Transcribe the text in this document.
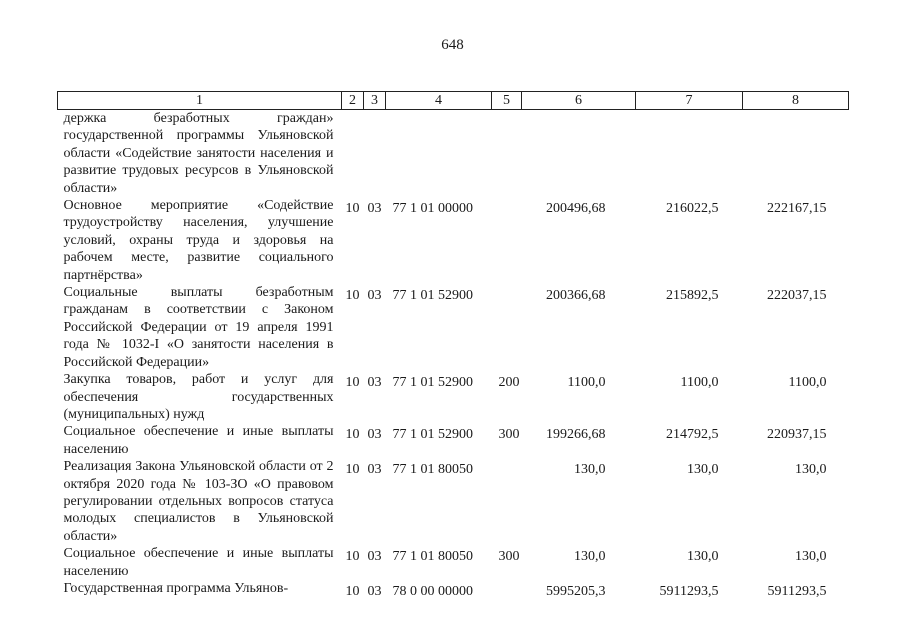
648
1	2	3	4	5	6	7	8
держка безработных граждан» государственной программы Ульяновской области «Содействие занятости населения и развитие трудовых ресурсов в Ульяновской области»							
Основное мероприятие «Содействие трудоустройству населения, улучшение условий, охраны труда и здоровья на рабочем месте, развитие социального партнёрства»	10	03	77 1 01 00000		200496,68	216022,5	222167,15
Социальные выплаты безработным гражданам в соответствии с Законом Российской Федерации от 19 апреля 1991 года № 1032-I «О занятости населения в Российской Федерации»	10	03	77 1 01 52900		200366,68	215892,5	222037,15
Закупка товаров, работ и услуг для обеспечения государственных (муниципальных) нужд	10	03	77 1 01 52900	200	1100,0	1100,0	1100,0
Социальное обеспечение и иные выплаты населению	10	03	77 1 01 52900	300	199266,68	214792,5	220937,15
Реализация Закона Ульяновской области от 2 октября 2020 года № 103-ЗО «О правовом регулировании отдельных вопросов статуса молодых специалистов в Ульяновской области»	10	03	77 1 01 80050		130,0	130,0	130,0
Социальное обеспечение и иные выплаты населению	10	03	77 1 01 80050	300	130,0	130,0	130,0
Государственная программа Ульянов-	10	03	78 0 00 00000		5995205,3	5911293,5	5911293,5
